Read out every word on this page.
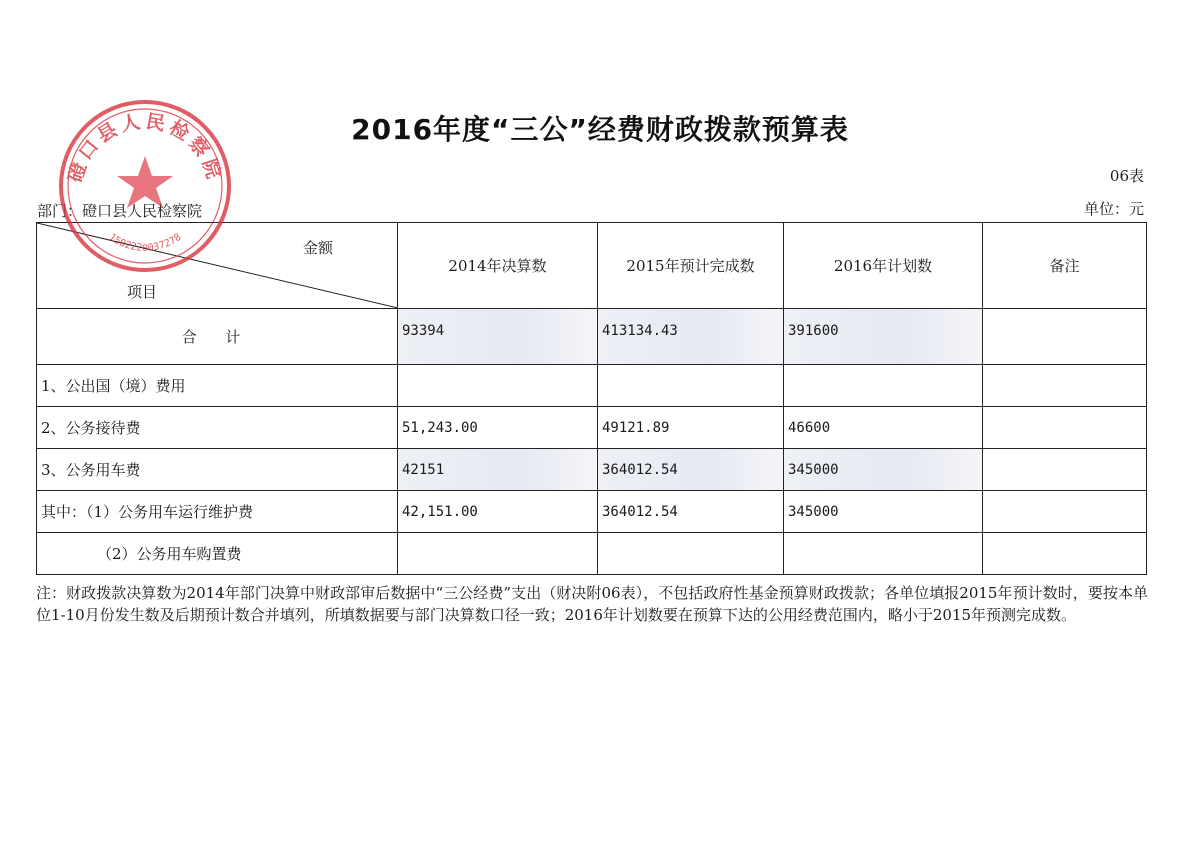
2016年度“三公”经费财政拨款预算表
06表
部门：磴口县人民检察院	单位：元
金额
项目	2014年决算数	2015年预计完成数	2016年计划数	备注
合 计	93394	413134.43	391600	
1、公出国（境）费用				
2、公务接待费	51,243.00	49121.89	46600	
3、公务用车费	42151	364012.54	345000	
其中：（1）公务用车运行维护费	42,151.00	364012.54	345000	
（2）公务用车购置费				
磴口县人民检察院
1502220037278
注：财政拨款决算数为2014年部门决算中财政部审后数据中“三公经费”支出（财决附06表），不包括政府性基金预算财政拨款；各单位填报2015年预计数时，要按本单位1-10月份发生数及后期预计数合并填列，所填数据要与部门决算数口径一致；2016年计划数要在预算下达的公用经费范围内，略小于2015年预测完成数。
